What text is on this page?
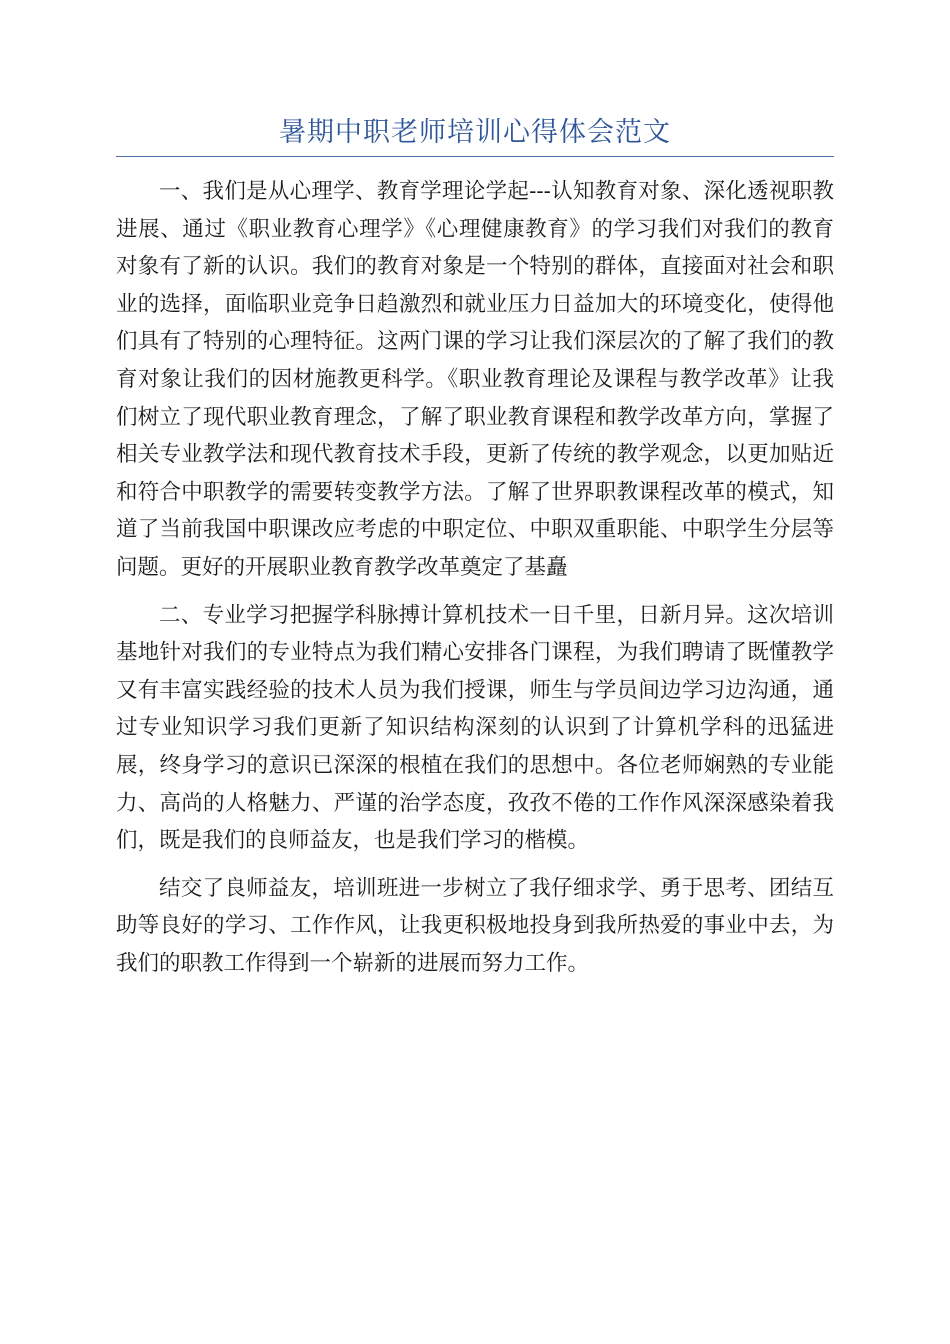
暑期中职老师培训心得体会范文

一、我们是从心理学、教育学理论学起---认知教育对象、深化透视职教进展、通过《职业教育心理学》《心理健康教育》的学习我们对我们的教育对象有了新的认识。我们的教育对象是一个特别的群体，直接面对社会和职业的选择，面临职业竞争日趋激烈和就业压力日益加大的环境变化，使得他们具有了特别的心理特征。这两门课的学习让我们深层次的了解了我们的教育对象让我们的因材施教更科学。《职业教育理论及课程与教学改革》让我们树立了现代职业教育理念，了解了职业教育课程和教学改革方向，掌握了相关专业教学法和现代教育技术手段，更新了传统的教学观念，以更加贴近和符合中职教学的需要转变教学方法。了解了世界职教课程改革的模式，知道了当前我国中职课改应考虑的中职定位、中职双重职能、中职学生分层等问题。更好的开展职业教育教学改革奠定了基矗

二、专业学习把握学科脉搏计算机技术一日千里，日新月异。这次培训基地针对我们的专业特点为我们精心安排各门课程，为我们聘请了既懂教学又有丰富实践经验的技术人员为我们授课，师生与学员间边学习边沟通，通过专业知识学习我们更新了知识结构深刻的认识到了计算机学科的迅猛进展，终身学习的意识已深深的根植在我们的思想中。各位老师娴熟的专业能力、高尚的人格魅力、严谨的治学态度，孜孜不倦的工作作风深深感染着我们，既是我们的良师益友，也是我们学习的楷模。

结交了良师益友，培训班进一步树立了我仔细求学、勇于思考、团结互助等良好的学习、工作作风，让我更积极地投身到我所热爱的事业中去，为我们的职教工作得到一个崭新的进展而努力工作。
